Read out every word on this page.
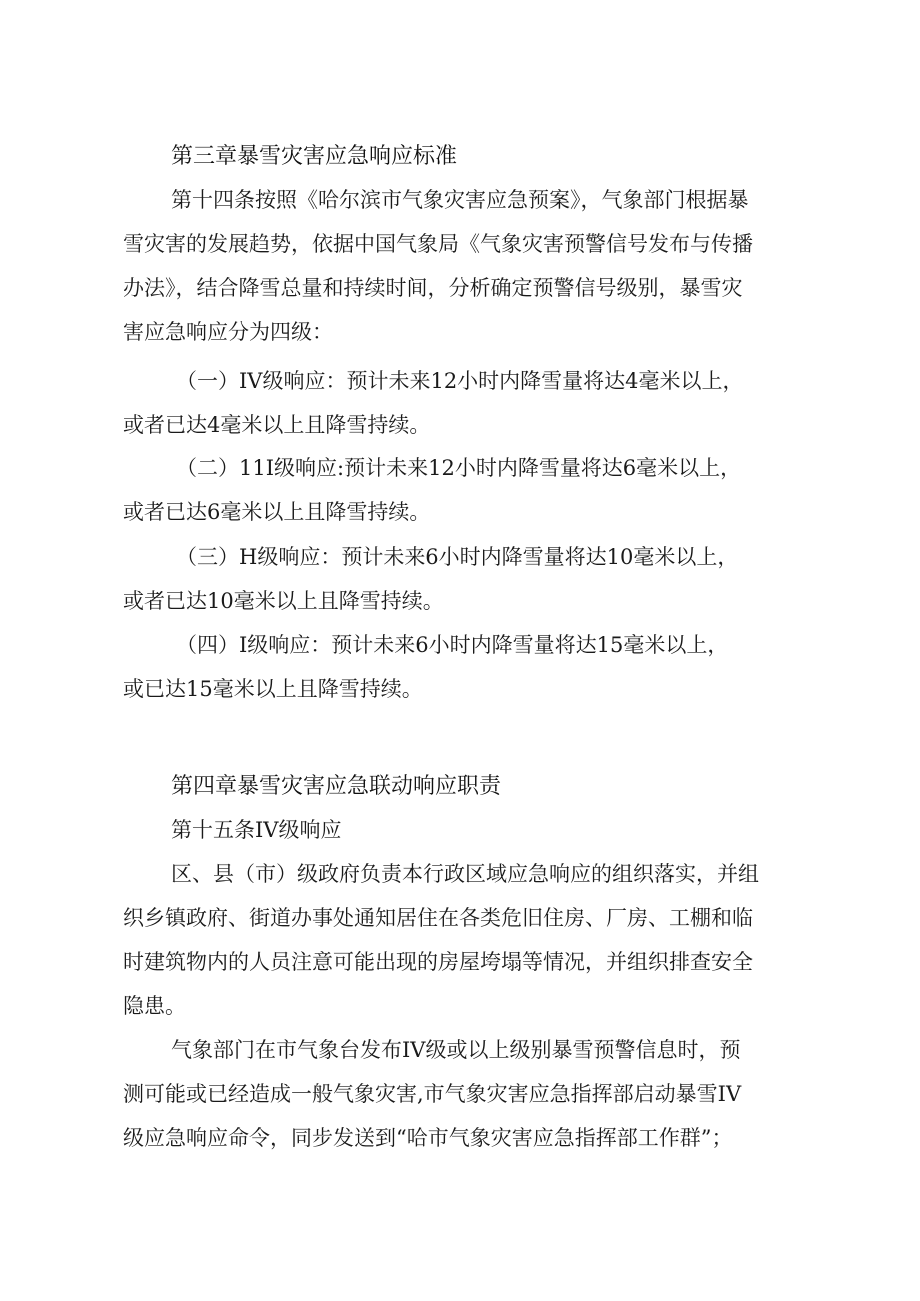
第三章暴雪灾害应急响应标准
第十四条按照《哈尔滨市气象灾害应急预案》，气象部门根据暴
雪灾害的发展趋势，依据中国气象局《气象灾害预警信号发布与传播
办法》，结合降雪总量和持续时间，分析确定预警信号级别，暴雪灾
害应急响应分为四级：
（一）IV级响应：预计未来12小时内降雪量将达4毫米以上，
或者已达4毫米以上且降雪持续。
（二）11I级响应:预计未来12小时内降雪量将达6毫米以上，
或者已达6毫米以上且降雪持续。
（三）H级响应：预计未来6小时内降雪量将达10毫米以上，
或者已达10毫米以上且降雪持续。
（四）I级响应：预计未来6小时内降雪量将达15毫米以上，
或已达15毫米以上且降雪持续。
第四章暴雪灾害应急联动响应职责
第十五条IV级响应
区、县（市）级政府负责本行政区域应急响应的组织落实，并组
织乡镇政府、街道办事处通知居住在各类危旧住房、厂房、工棚和临
时建筑物内的人员注意可能出现的房屋垮塌等情况，并组织排查安全
隐患。
气象部门在市气象台发布IV级或以上级别暴雪预警信息时，预
测可能或已经造成一般气象灾害,市气象灾害应急指挥部启动暴雪IV
级应急响应命令，同步发送到“哈市气象灾害应急指挥部工作群”；
